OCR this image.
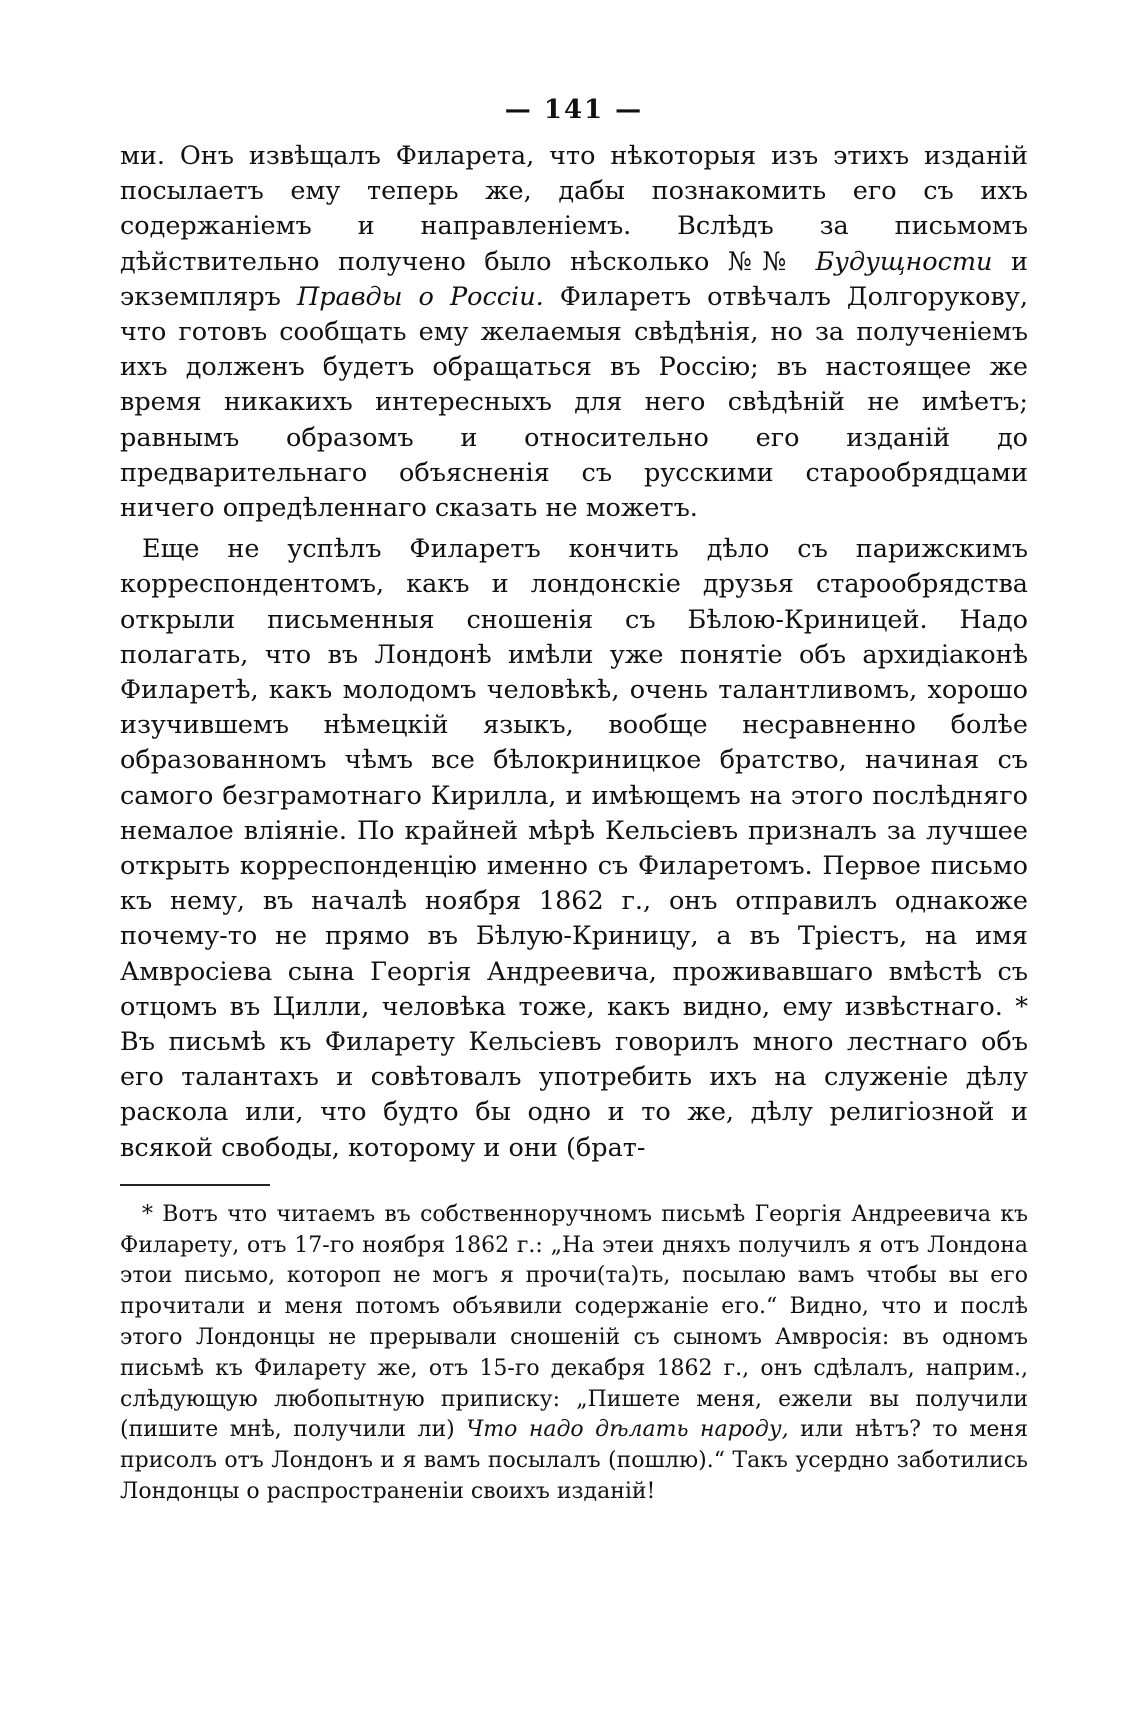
— 141 —

ми. Онъ извѣщалъ Филарета, что нѣкоторыя изъ этихъ изданій посылаетъ ему теперь же, дабы познакомить его съ ихъ содержаніемъ и направленіемъ. Вслѣдъ за письмомъ дѣйствительно получено было нѣсколько №№ Будущности и экземпляръ Правды о Россіи. Филаретъ отвѣчалъ Долгорукову, что готовъ сообщать ему желаемыя свѣдѣнія, но за полученіемъ ихъ долженъ будетъ обращаться въ Россію; въ настоящее же время никакихъ интересныхъ для него свѣдѣній не имѣетъ; равнымъ образомъ и относительно его изданій до предварительнаго объясненія съ русскими старообрядцами ничего опредѣленнаго сказать не можетъ.

Еще не успѣлъ Филаретъ кончить дѣло съ парижскимъ корреспондентомъ, какъ и лондонскіе друзья старообрядства открыли письменныя сношенія съ Бѣлою-Криницей. Надо полагать, что въ Лондонѣ имѣли уже понятіе объ архидіаконѣ Филаретѣ, какъ молодомъ человѣкѣ, очень талантливомъ, хорошо изучившемъ нѣмецкій языкъ, вообще несравненно болѣе образованномъ чѣмъ все бѣлокриницкое братство, начиная съ самого безграмотнаго Кирилла, и имѣющемъ на этого послѣдняго немалое вліяніе. По крайней мѣрѣ Кельсіевъ призналъ за лучшее открыть корреспонденцію именно съ Филаретомъ. Первое письмо къ нему, въ началѣ ноября 1862 г., онъ отправилъ однакоже почему-то не прямо въ Бѣлую-Криницу, а въ Тріестъ, на имя Амвросіева сына Георгія Андреевича, проживавшаго вмѣстѣ съ отцомъ въ Цилли, человѣка тоже, какъ видно, ему извѣстнаго. * Въ письмѣ къ Филарету Кельсіевъ говорилъ много лестнаго объ его талантахъ и совѣтовалъ употребить ихъ на служеніе дѣлу раскола или, что будто бы одно и то же, дѣлу религіозной и всякой свободы, которому и они (брат-

* Вотъ что читаемъ въ собственноручномъ письмѣ Георгія Андреевича къ Филарету, отъ 17-го ноября 1862 г.: „На этеи дняхъ получилъ я отъ Лондона этои письмо, котороп не могъ я прочи(та)ть, посылаю вамъ чтобы вы его прочитали и меня потомъ объявили содержаніе его.“ Видно, что и послѣ этого Лондонцы не прерывали сношеній съ сыномъ Амвросія: въ одномъ письмѣ къ Филарету же, отъ 15-го декабря 1862 г., онъ сдѣлалъ, наприм., слѣдующую любопытную приписку: „Пишете меня, ежели вы получили (пишите мнѣ, получили ли) Что надо дѣлать народу, или нѣтъ? то меня присолъ отъ Лондонъ и я вамъ посылалъ (пошлю).“ Такъ усердно заботились Лондонцы о распространеніи своихъ изданій!
